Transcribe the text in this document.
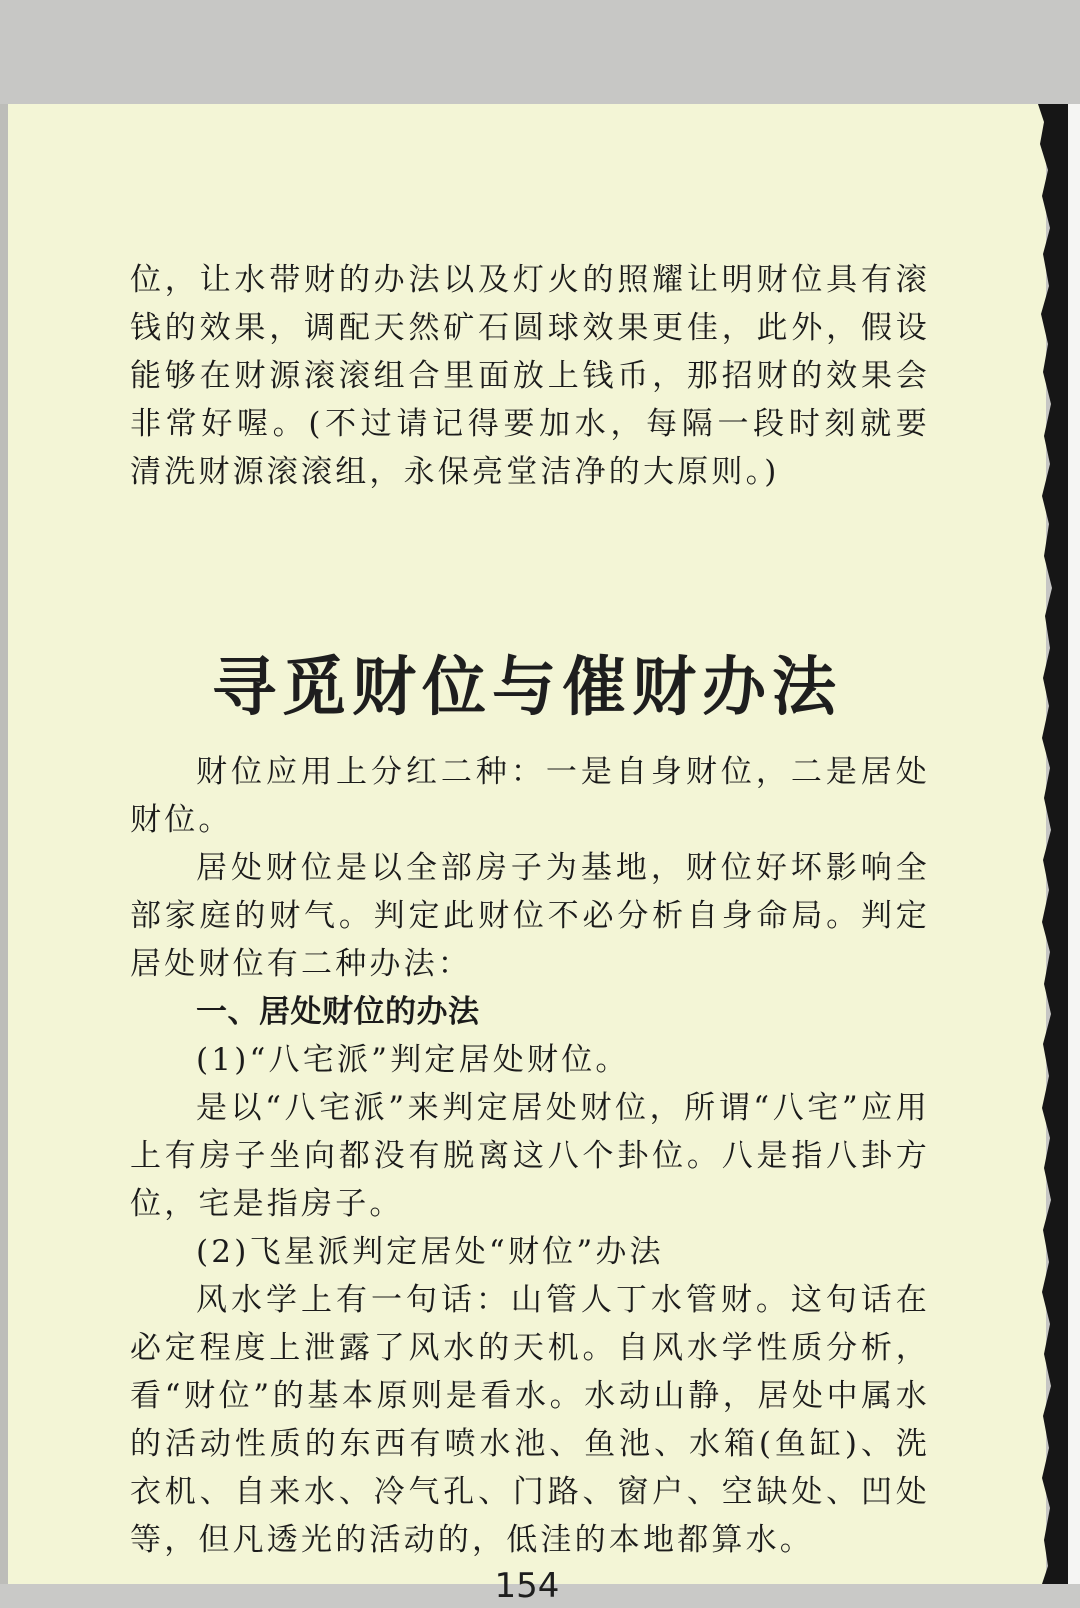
位，让水带财的办法以及灯火的照耀让明财位具有滚钱的效果，调配天然矿石圆球效果更佳，此外，假设能够在财源滚滚组合里面放上钱币，那招财的效果会非常好喔。(不过请记得要加水，每隔一段时刻就要清洗财源滚滚组，永保亮堂洁净的大原则。)

寻觅财位与催财办法

财位应用上分红二种：一是自身财位，二是居处财位。

居处财位是以全部房子为基地，财位好坏影响全部家庭的财气。判定此财位不必分析自身命局。判定居处财位有二种办法：

一、居处财位的办法

(1)“八宅派”判定居处财位。

是以“八宅派”来判定居处财位，所谓“八宅”应用上有房子坐向都没有脱离这八个卦位。八是指八卦方位，宅是指房子。

(2)飞星派判定居处“财位”办法

风水学上有一句话：山管人丁水管财。这句话在必定程度上泄露了风水的天机。自风水学性质分析，看“财位”的基本原则是看水。水动山静，居处中属水的活动性质的东西有喷水池、鱼池、水箱(鱼缸)、洗衣机、自来水、冷气孔、门路、窗户、空缺处、凹处等，但凡透光的活动的，低洼的本地都算水。

154
